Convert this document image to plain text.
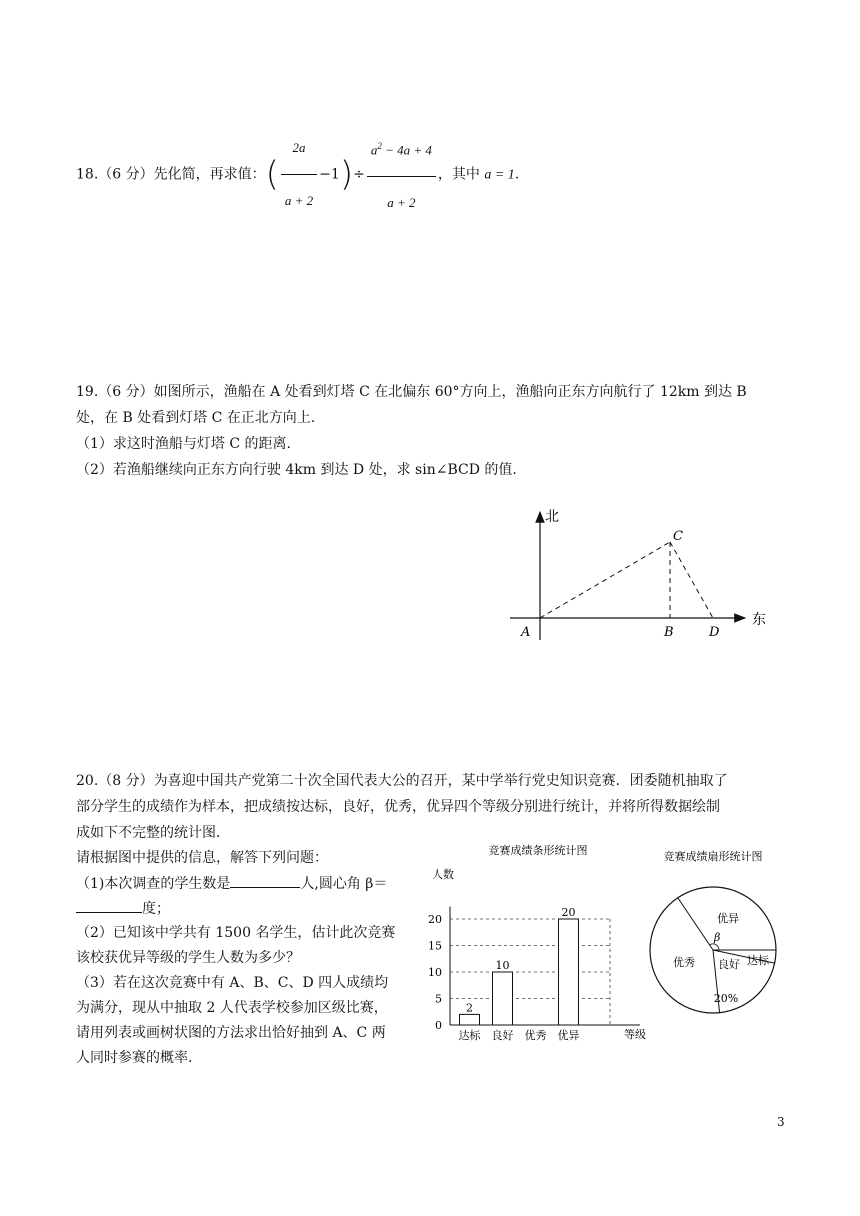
18.（6 分）先化简，再求值：( $\frac{2a}{a + 2} -1)\div \frac{a^2 - 4a + 4}{a + 2}$ ，其中 a = 1.
19.（6 分）如图所示，渔船在 A 处看到灯塔 C 在北偏东 60°方向上，渔船向正东方向航行了 12km 到达 B
处，在 B 处看到灯塔 C 在正北方向上.
（1）求这时渔船与灯塔 C 的距离.
（2）若渔船继续向正东方向行驶 4km 到达 D 处，求 sin∠BCD 的值.
北
东
A	B
C
D
20.（8 分）为喜迎中国共产党第二十次全国代表大公的召开，某中学举行党史知识竞赛．团委随机抽取了
部分学生的成绩作为样本，把成绩按达标，良好，优秀，优异四个等级分别进行统计，并将所得数据绘制
成如下不完整的统计图．
请根据图中提供的信息，解答下列问题：
（1)本次调查的学生数是	人,圆心角 β＝
度；
（2）已知该中学共有 1500 名学生，估计此次竞赛
该校获优异等级的学生人数为多少？
（3）若在这次竞赛中有 A、B、C、D 四人成绩均
为满分，现从中抽取 2 人代表学校参加区级比赛，
请用列表或画树状图的方法求出恰好抽到 A、C 两
人同时参赛的概率.
竞赛成绩条形统计图
人数
等级
0
5
10
15
20
2
达标
10
良好 优秀
20
优异
竞赛成绩扇形统计图
优异
达标
良好
优秀
β
20%
3
